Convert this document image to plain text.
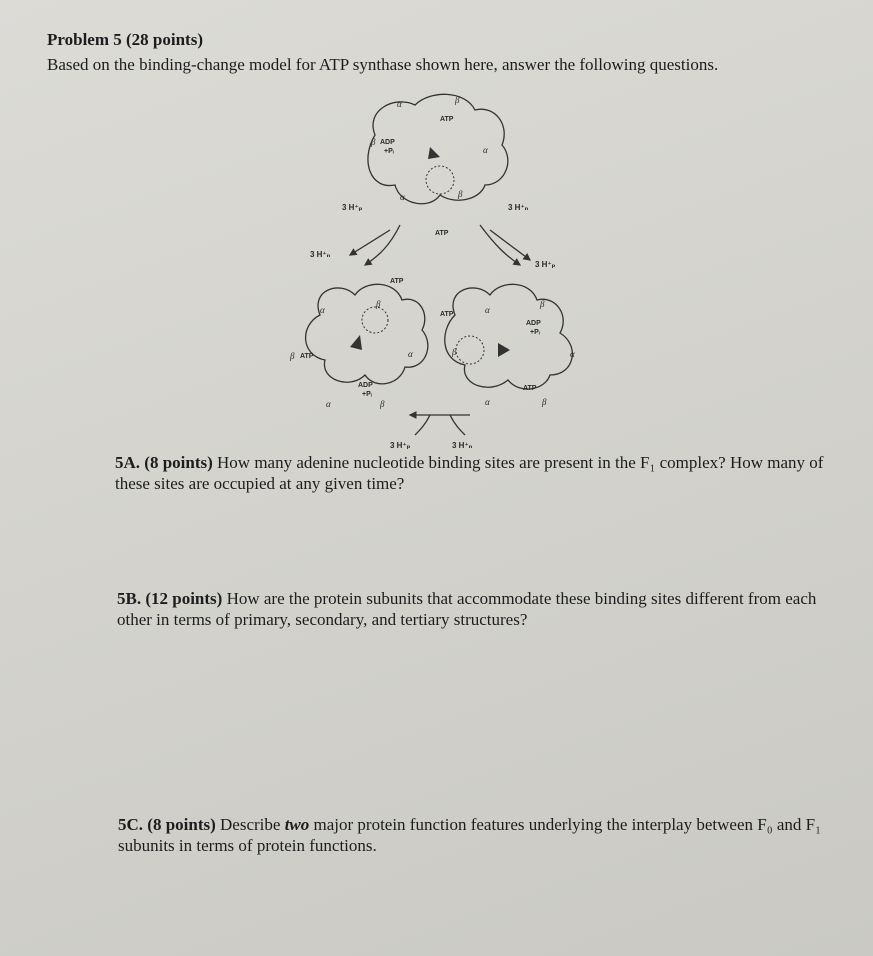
Problem 5 (28 points)
Based on the binding-change model for ATP synthase shown here, answer the following questions.
α	β
ATP
β ADP
+Pᵢ	α
α	β
ATP
3 H⁺ₚ	3 H⁺ₙ
3 H⁺ₙ
3 H⁺ₚ
ATP
α
β
β ATP	α
ADP
+Pᵢ
α	β
ATP	α
β
ADP
+Pᵢ
β	α
ATP
α	β
3 H⁺ₚ	3 H⁺ₙ
5A. (8 points) How many adenine nucleotide binding sites are present in the F₁ complex? How many of these sites are occupied at any given time?
5B. (12 points) How are the protein subunits that accommodate these binding sites different from each other in terms of primary, secondary, and tertiary structures?
5C. (8 points) Describe two major protein function features underlying the interplay between F₀ and F₁ subunits in terms of protein functions.
